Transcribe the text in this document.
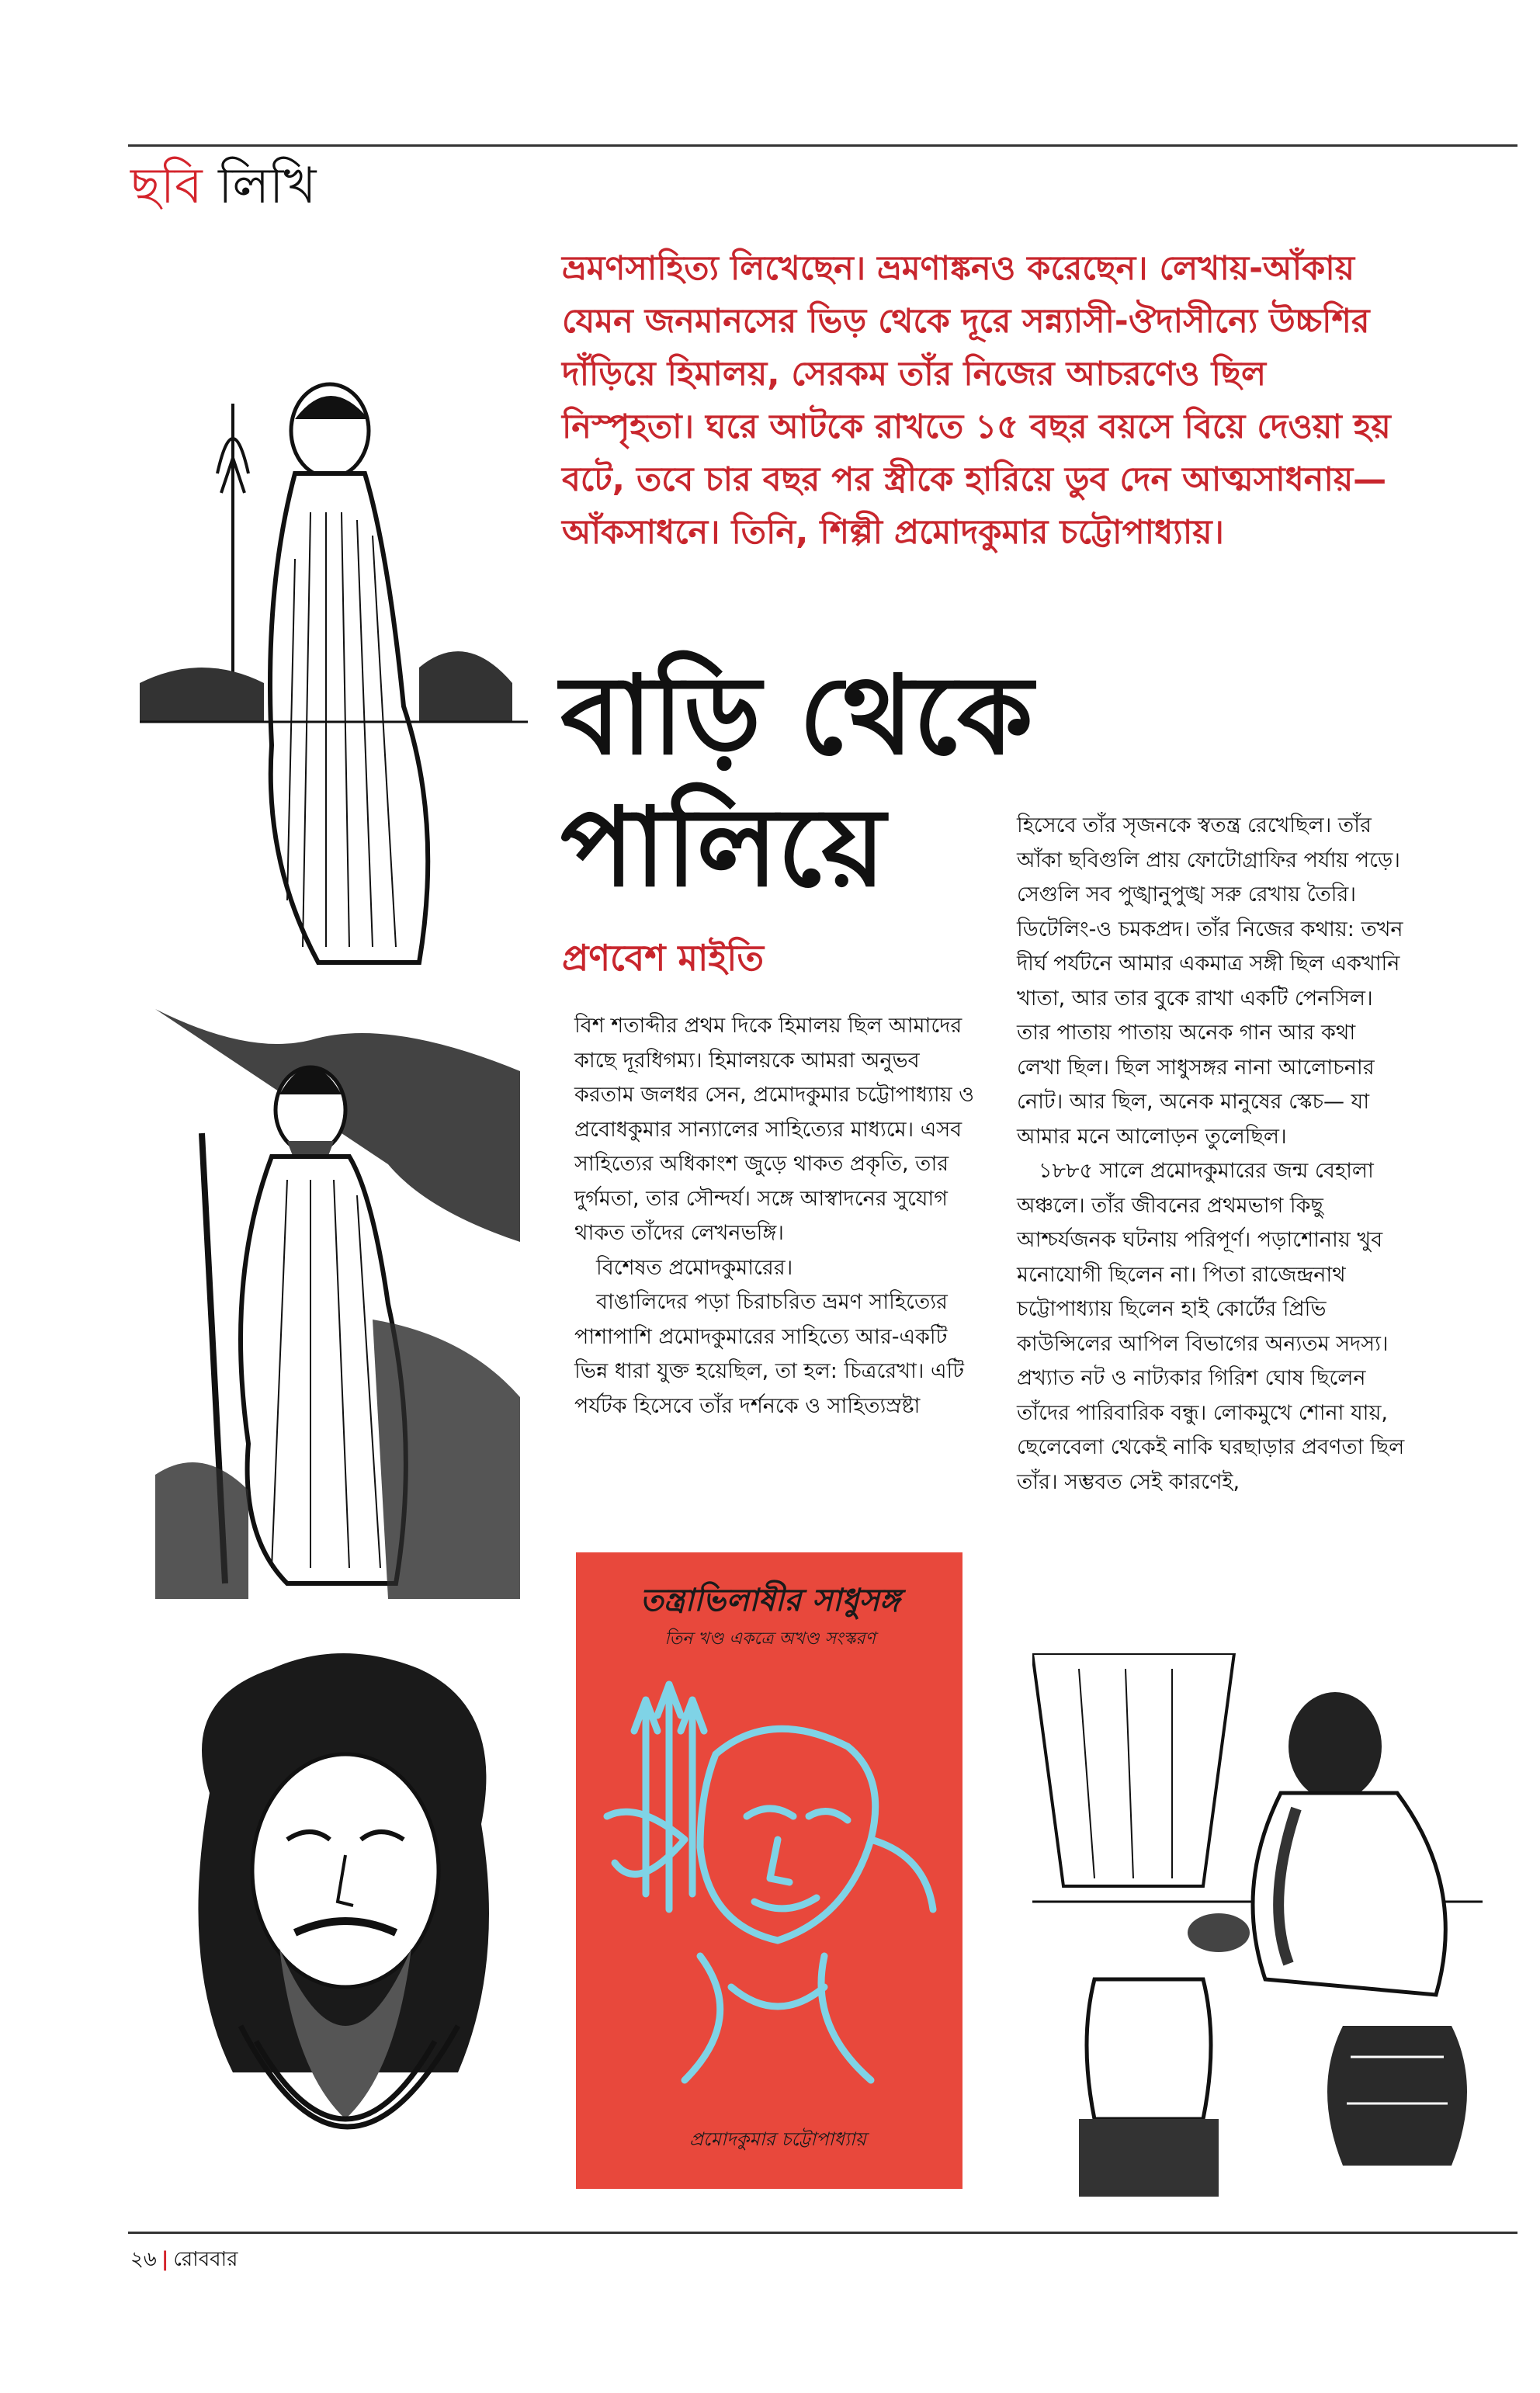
ছবি লিখি
ভ্রমণসাহিত্য লিখেছেন। ভ্রমণাঙ্কনও করেছেন। লেখায়-আঁকায় যেমন জনমানসের ভিড় থেকে দূরে সন্ন্যাসী-ঔদাসীন্যে উচ্চশির দাঁড়িয়ে হিমালয়, সেরকম তাঁর নিজের আচরণেও ছিল নিস্পৃহতা। ঘরে আটকে রাখতে ১৫ বছর বয়সে বিয়ে দেওয়া হয় বটে, তবে চার বছর পর স্ত্রীকে হারিয়ে ডুব দেন আত্মসাধনায়— আঁকসাধনে। তিনি, শিল্পী প্রমোদকুমার চট্টোপাধ্যায়।
বাড়ি থেকে
পালিয়ে
প্রণবেশ মাইতি

বিশ শতাব্দীর প্রথম দিকে হিমালয় ছিল আমাদের কাছে দূরধিগম্য। হিমালয়কে আমরা অনুভব করতাম জলধর সেন, প্রমোদকুমার চট্টোপাধ্যায় ও প্রবোধকুমার সান্যালের সাহিত্যের মাধ্যমে। এসব সাহিত্যের অধিকাংশ জুড়ে থাকত প্রকৃতি, তার দুর্গমতা, তার সৌন্দর্য। সঙ্গে আস্বাদনের সুযোগ থাকত তাঁদের লেখনভঙ্গি।

বিশেষত প্রমোদকুমারের।

বাঙালিদের পড়া চিরাচরিত ভ্রমণ সাহিত্যের পাশাপাশি প্রমোদকুমারের সাহিত্যে আর-একটি ভিন্ন ধারা যুক্ত হয়েছিল, তা হল: চিত্ররেখা। এটি পর্যটক হিসেবে তাঁর দর্শনকে ও সাহিত্যস্রষ্টা

হিসেবে তাঁর সৃজনকে স্বতন্ত্র রেখেছিল। তাঁর আঁকা ছবিগুলি প্রায় ফোটোগ্রাফির পর্যায় পড়ে। সেগুলি সব পুঙ্খানুপুঙ্খ সরু রেখায় তৈরি। ডিটেলিং-ও চমকপ্রদ। তাঁর নিজের কথায়: তখন দীর্ঘ পর্যটনে আমার একমাত্র সঙ্গী ছিল একখানি খাতা, আর তার বুকে রাখা একটি পেনসিল। তার পাতায় পাতায় অনেক গান আর কথা লেখা ছিল। ছিল সাধুসঙ্গর নানা আলোচনার নোট। আর ছিল, অনেক মানুষের স্কেচ— যা আমার মনে আলোড়ন তুলেছিল।

১৮৮৫ সালে প্রমোদকুমারের জন্ম বেহালা অঞ্চলে। তাঁর জীবনের প্রথমভাগ কিছু আশ্চর্যজনক ঘটনায় পরিপূর্ণ। পড়াশোনায় খুব মনোযোগী ছিলেন না। পিতা রাজেন্দ্রনাথ চট্টোপাধ্যায় ছিলেন হাই কোর্টের প্রিভি কাউন্সিলের আপিল বিভাগের অন্যতম সদস্য। প্রখ্যাত নট ও নাট্যকার গিরিশ ঘোষ ছিলেন তাঁদের পারিবারিক বন্ধু। লোকমুখে শোনা যায়, ছেলেবেলা থেকেই নাকি ঘরছাড়ার প্রবণতা ছিল তাঁর। সম্ভবত সেই কারণেই,

তন্ত্রাভিলাষীর সাধুসঙ্গ
তিন খণ্ড একত্রে অখণ্ড সংস্করণ
প্রমোদকুমার চট্টোপাধ্যায়
২৬ | রোববার
